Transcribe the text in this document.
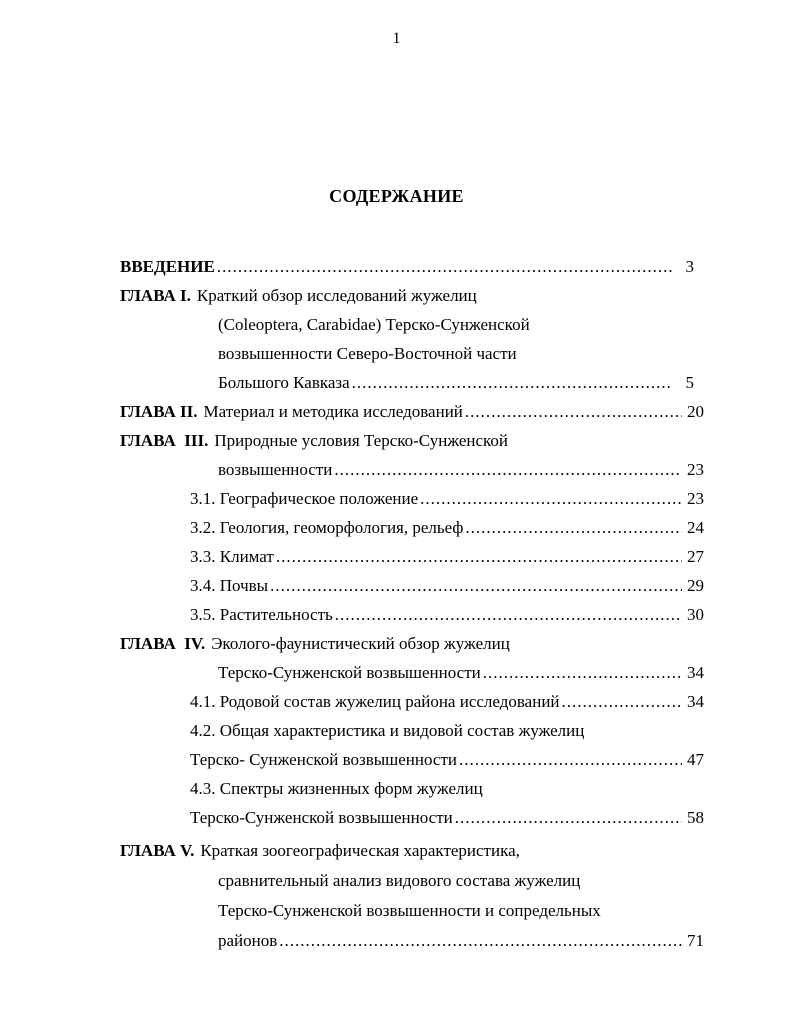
1
СОДЕРЖАНИЕ
ВВЕДЕНИЕ .....	3
ГЛАВА I. Краткий обзор исследований жужелиц
(Coleoptera, Carabidae) Терско-Сунженской
возвышенности Северо-Восточной части
Большого Кавказа .....	5
ГЛАВА II. Материал и методика исследований .....	20
ГЛАВА  III. Природные условия Терско-Сунженской
возвышенности .....	23
3.1. Географическое положение .....	23
3.2. Геология, геоморфология, рельеф .....	24
3.3. Климат .....	27
3.4. Почвы .....	29
3.5. Растительность .....	30
ГЛАВА  IV. Эколого-фаунистический обзор жужелиц
Терско-Сунженской возвышенности .....	34
4.1. Родовой состав жужелиц района исследований .....	34
4.2. Общая характеристика и видовой состав жужелиц
Терско- Сунженской возвышенности .....	47
4.3. Спектры жизненных форм жужелиц
Терско-Сунженской возвышенности .....	58
ГЛАВА V. Краткая зоогеографическая характеристика,
сравнительный анализ видового состава жужелиц
Терско-Сунженской возвышенности и сопредельных
районов .....	71
